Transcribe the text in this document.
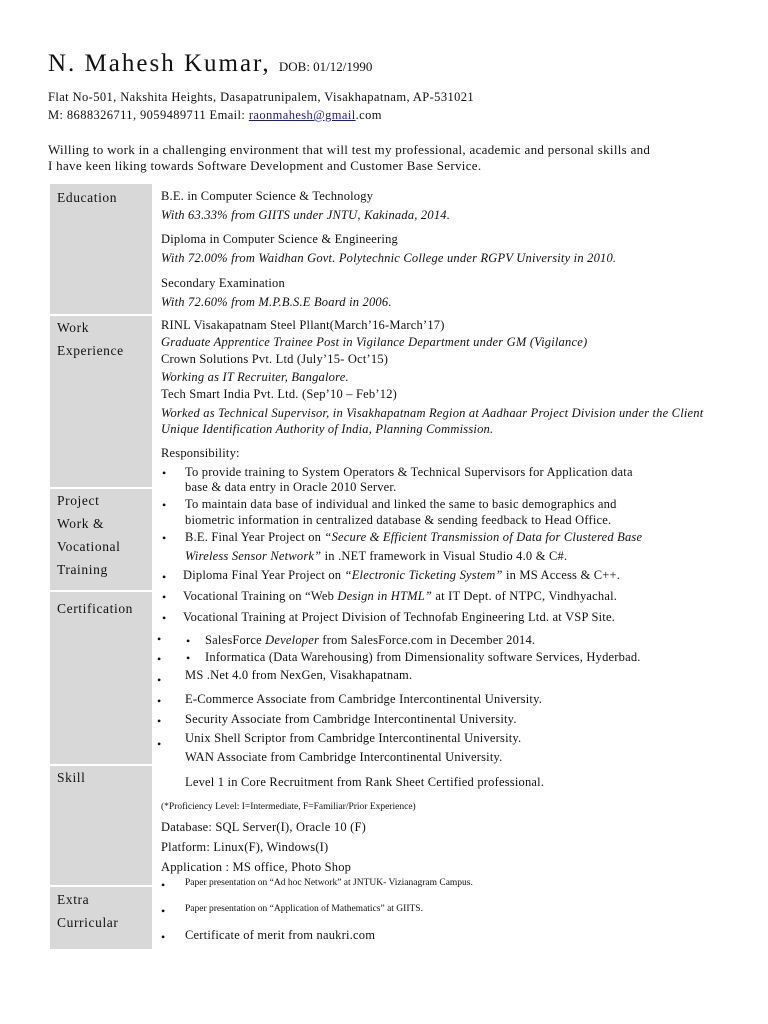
N. Mahesh Kumar, DOB: 01/12/1990
Flat No-501, Nakshita Heights, Dasapatrunipalem, Visakhapatnam, AP-531021
M: 8688326711, 9059489711 Email: raonmahesh@gmail.com
Willing to work in a challenging environment that will test my professional, academic and personal skills and
I have keen liking towards Software Development and Customer Base Service.
Education
Work
Experience
Project
Work &
Vocational
Training
Certification
Skill
Extra
Curricular
B.E. in Computer Science & Technology
With 63.33% from GIITS under JNTU, Kakinada, 2014.
Diploma in Computer Science & Engineering
With 72.00% from Waidhan Govt. Polytechnic College under RGPV University in 2010.
Secondary Examination
With 72.60% from M.P.B.S.E Board in 2006.
RINL Visakapatnam Steel Pllant(March’16-March’17)
Graduate Apprentice Trainee Post in Vigilance Department under GM (Vigilance)
Crown Solutions Pvt. Ltd (July’15- Oct’15)
Working as IT Recruiter, Bangalore.
Tech Smart India Pvt. Ltd. (Sep’10 – Feb’12)
Worked as Technical Supervisor, in Visakhapatnam Region at Aadhaar Project Division under the Client
Unique Identification Authority of India, Planning Commission.
Responsibility:
• To provide training to System Operators & Technical Supervisors for Application data
base & data entry in Oracle 2010 Server.
• To maintain data base of individual and linked the same to basic demographics and
biometric information in centralized database & sending feedback to Head Office.
• B.E. Final Year Project on “Secure & Efficient Transmission of Data for Clustered Base
Wireless Sensor Network” in .NET framework in Visual Studio 4.0 & C#.
• Diploma Final Year Project on “Electronic Ticketing System” in MS Access & C++.
• Vocational Training on “Web Design in HTML” at IT Dept. of NTPC, Vindhyachal.
• Vocational Training at Project Division of Technofab Engineering Ltd. at VSP Site.
• • SalesForce Developer from SalesForce.com in December 2014.
• • Informatica (Data Warehousing) from Dimensionality software Services, Hyderbad.
• MS .Net 4.0 from NexGen, Visakhapatnam.
• E-Commerce Associate from Cambridge Intercontinental University.
• Security Associate from Cambridge Intercontinental University.
• Unix Shell Scriptor from Cambridge Intercontinental University.
WAN Associate from Cambridge Intercontinental University.
Level 1 in Core Recruitment from Rank Sheet Certified professional.
(*Proficiency Level: I=Intermediate, F=Familiar/Prior Experience)
Database: SQL Server(I), Oracle 10 (F)
Platform: Linux(F), Windows(I)
Application : MS office, Photo Shop
• Paper presentation on “Ad hoc Network” at JNTUK- Vizianagram Campus.
• Paper presentation on “Application of Mathematics” at GIITS.
• Certificate of merit from naukri.com
